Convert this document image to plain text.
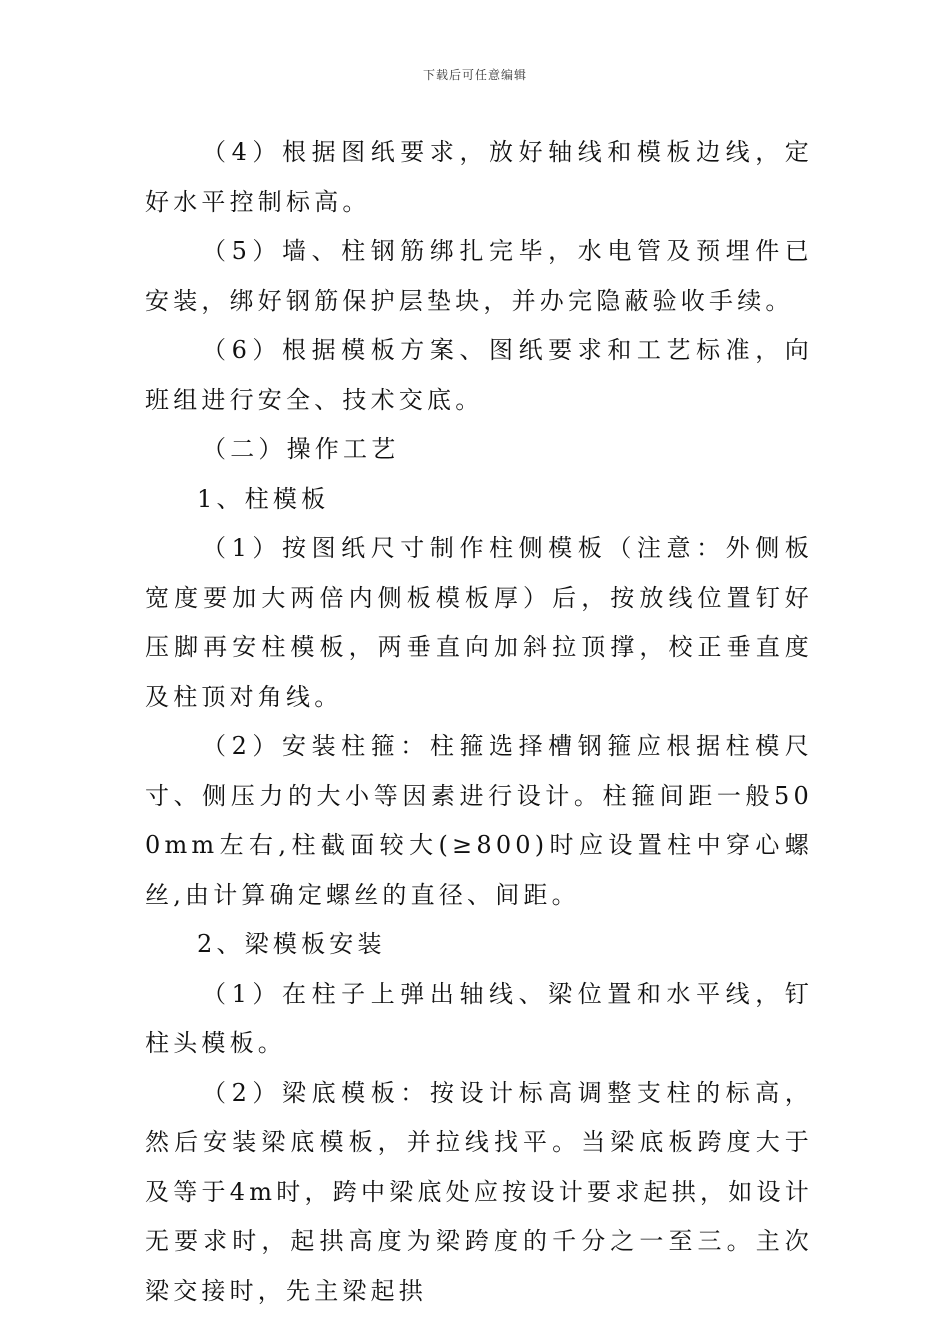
下载后可任意编辑

（4）根据图纸要求，放好轴线和模板边线，定好水平控制标高。

（5）墙、柱钢筋绑扎完毕，水电管及预埋件已安装，绑好钢筋保护层垫块，并办完隐蔽验收手续。

（6）根据模板方案、图纸要求和工艺标准，向班组进行安全、技术交底。

（二）操作工艺

1、柱模板

（1）按图纸尺寸制作柱侧模板（注意：外侧板宽度要加大两倍内侧板模板厚）后，按放线位置钉好压脚再安柱模板，两垂直向加斜拉顶撑，校正垂直度及柱顶对角线。

（2）安装柱箍：柱箍选择槽钢箍应根据柱模尺寸、侧压力的大小等因素进行设计。柱箍间距一般500mm左右,柱截面较大(≥800)时应设置柱中穿心螺丝,由计算确定螺丝的直径、间距。

2、梁模板安装

（1）在柱子上弹出轴线、梁位置和水平线，钉柱头模板。

（2）梁底模板：按设计标高调整支柱的标高，然后安装梁底模板，并拉线找平。当梁底板跨度大于及等于4m时，跨中梁底处应按设计要求起拱，如设计无要求时，起拱高度为梁跨度的千分之一至三。主次梁交接时，先主梁起拱
